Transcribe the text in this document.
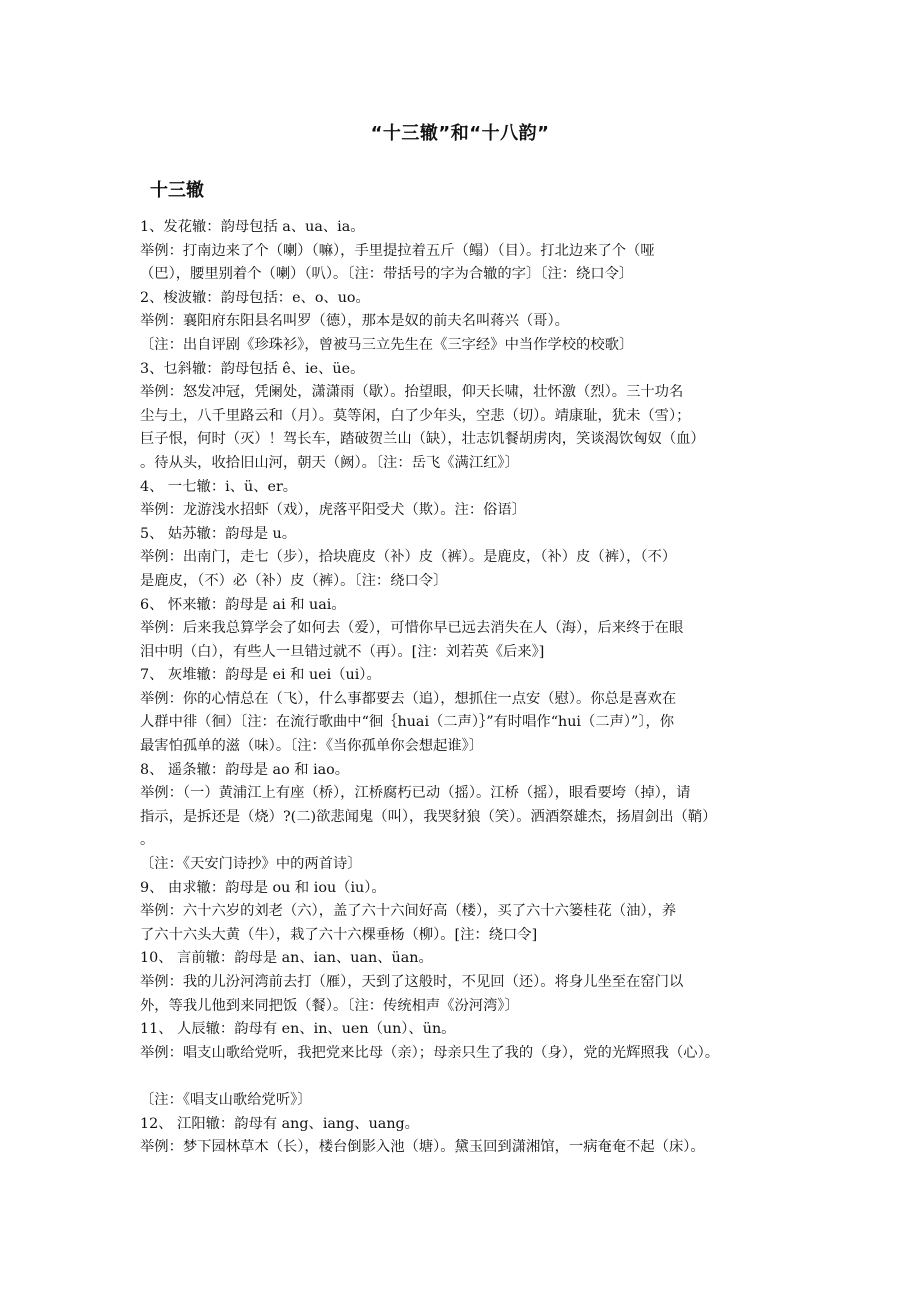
“十三辙”和“十八韵”
十三辙
1、发花辙：韵母包括 a、ua、ia。
举例：打南边来了个（喇）（嘛），手里提拉着五斤（鳎）（目）。打北边来了个（哑
（巴），腰里别着个（喇）（叭）。〔注：带括号的字为合辙的字〕〔注：绕口令〕
2、梭波辙：韵母包括：e、o、uo。
举例：襄阳府东阳县名叫罗（德），那本是奴的前夫名叫蒋兴（哥）。
〔注：出自评剧《珍珠衫》，曾被马三立先生在《三字经》中当作学校的校歌〕
3、乜斜辙：韵母包括 ê、ie、üe。
举例：怒发冲冠，凭阑处，潇潇雨（歇）。抬望眼，仰天长啸，壮怀激（烈）。三十功名
尘与土，八千里路云和（月）。莫等闲，白了少年头，空悲（切）。靖康耻，犹未（雪）；
巨子恨，何时（灭）！驾长车，踏破贺兰山（缺），壮志饥餐胡虏肉，笑谈渴饮匈奴（血）
。待从头，收拾旧山河，朝天（阙）。〔注：岳飞《满江红》〕
4、 一七辙：i、ü、er。
举例：龙游浅水招虾（戏），虎落平阳受犬（欺）。注：俗语〕
5、 姑苏辙：韵母是 u。
举例：出南门，走七（步），拾块鹿皮（补）皮（裤）。是鹿皮，（补）皮（裤），（不）
是鹿皮，（不）必（补）皮（裤）。〔注：绕口令〕
6、 怀来辙：韵母是 ai 和 uai。
举例：后来我总算学会了如何去（爱），可惜你早已远去消失在人（海），后来终于在眼
泪中明（白），有些人一旦错过就不（再）。[注：刘若英《后来》]
7、 灰堆辙：韵母是 ei 和 uei（ui）。
举例：你的心情总在（飞），什么事都要去（追），想抓住一点安（慰）。你总是喜欢在
人群中徘（徊）〔注：在流行歌曲中“徊｛huai（二声）｝”有时唱作“hui（二声）”〕，你
最害怕孤单的滋（味）。〔注：《当你孤单你会想起谁》〕
8、 遥条辙：韵母是 ao 和 iao。
举例：（一）黄浦江上有座（桥），江桥腐朽已动（摇）。江桥（摇），眼看要垮（掉），请
指示，是拆还是（烧）?(二)欲悲闻鬼（叫），我哭豺狼（笑）。洒酒祭雄杰，扬眉剑出（鞘）
。
〔注：《天安门诗抄》中的两首诗〕
9、 由求辙：韵母是 ou 和 iou（iu）。
举例：六十六岁的刘老（六），盖了六十六间好高（楼），买了六十六篓桂花（油），养
了六十六头大黄（牛），栽了六十六棵垂杨（柳）。[注：绕口令]
10、 言前辙：韵母是 an、ian、uan、üan。
举例：我的儿汾河湾前去打（雁），天到了这般时，不见回（还）。将身儿坐至在窑门以
外，等我儿他到来同把饭（餐）。〔注：传统相声《汾河湾》〕
11、 人辰辙：韵母有 en、in、uen（un）、ün。
举例：唱支山歌给党听，我把党来比母（亲）；母亲只生了我的（身），党的光辉照我（心）。
〔注：《唱支山歌给党听》〕
12、 江阳辙：韵母有 ang、iang、uang。
举例：梦下园林草木（长），楼台倒影入池（塘）。黛玉回到潇湘馆，一病奄奄不起（床）。
